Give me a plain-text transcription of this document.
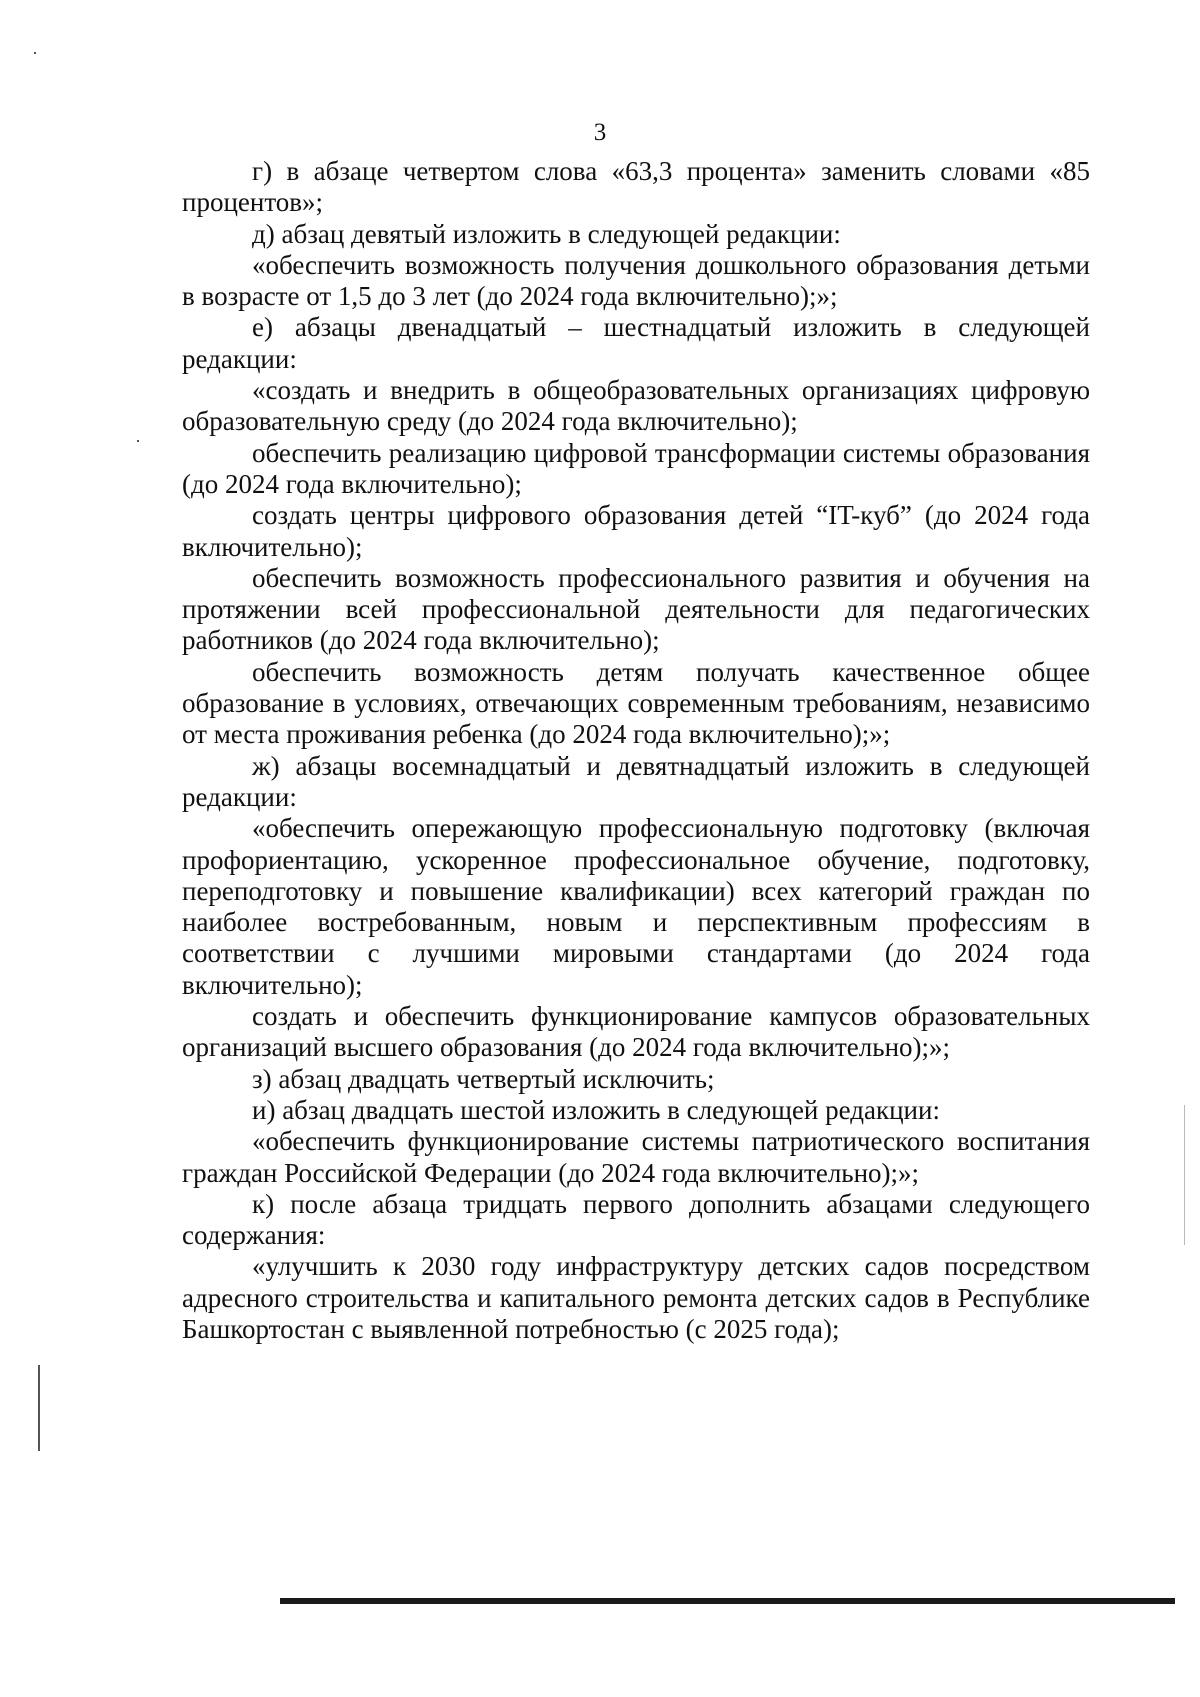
3

г) в абзаце четвертом слова «63,3 процента» заменить словами «85 процентов»;

д) абзац девятый изложить в следующей редакции:

«обеспечить возможность получения дошкольного образования детьми в возрасте от 1,5 до 3 лет (до 2024 года включительно);»;

е) абзацы двенадцатый – шестнадцатый изложить в следующей редакции:

«создать и внедрить в общеобразовательных организациях цифровую образовательную среду (до 2024 года включительно);

обеспечить реализацию цифровой трансформации системы образования (до 2024 года включительно);

создать центры цифрового образования детей “IT-куб” (до 2024 года включительно);

обеспечить возможность профессионального развития и обучения на протяжении всей профессиональной деятельности для педагогических работников (до 2024 года включительно);

обеспечить возможность детям получать качественное общее образование в условиях, отвечающих современным требованиям, независимо от места проживания ребенка (до 2024 года включительно);»;

ж) абзацы восемнадцатый и девятнадцатый изложить в следующей редакции:

«обеспечить опережающую профессиональную подготовку (включая профориентацию, ускоренное профессиональное обучение, подготовку, переподготовку и повышение квалификации) всех категорий граждан по наиболее востребованным, новым и перспективным профессиям в соответствии с лучшими мировыми стандартами (до 2024 года включительно);

создать и обеспечить функционирование кампусов образовательных организаций высшего образования (до 2024 года включительно);»;

з) абзац двадцать четвертый исключить;

и) абзац двадцать шестой изложить в следующей редакции:

«обеспечить функционирование системы патриотического воспитания граждан Российской Федерации (до 2024 года включительно);»;

к) после абзаца тридцать первого дополнить абзацами следующего содержания:

«улучшить к 2030 году инфраструктуру детских садов посредством адресного строительства и капитального ремонта детских садов в Республике Башкортостан с выявленной потребностью (с 2025 года);
